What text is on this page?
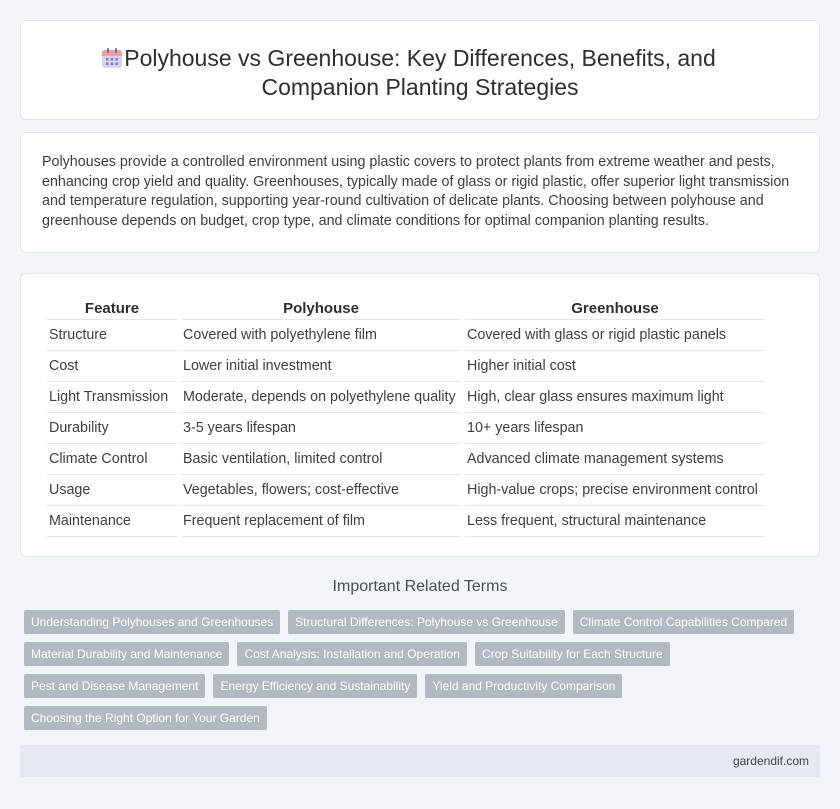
Polyhouse vs Greenhouse: Key Differences, Benefits, and
Companion Planting Strategies

Polyhouses provide a controlled environment using plastic covers to protect plants from extreme weather and pests, enhancing crop yield and quality. Greenhouses, typically made of glass or rigid plastic, offer superior light transmission and temperature regulation, supporting year-round cultivation of delicate plants. Choosing between polyhouse and greenhouse depends on budget, crop type, and climate conditions for optimal companion planting results.

Feature	Polyhouse	Greenhouse
Structure	Covered with polyethylene film	Covered with glass or rigid plastic panels
Cost	Lower initial investment	Higher initial cost
Light Transmission	Moderate, depends on polyethylene quality	High, clear glass ensures maximum light
Durability	3-5 years lifespan	10+ years lifespan
Climate Control	Basic ventilation, limited control	Advanced climate management systems
Usage	Vegetables, flowers; cost-effective	High-value crops; precise environment control
Maintenance	Frequent replacement of film	Less frequent, structural maintenance
Important Related Terms
Understanding Polyhouses and Greenhouses	Structural Differences: Polyhouse vs Greenhouse	Climate Control Capabilities Compared
Material Durability and Maintenance	Cost Analysis: Installation and Operation	Crop Suitability for Each Structure
Pest and Disease Management	Energy Efficiency and Sustainability	Yield and Productivity Comparison
Choosing the Right Option for Your Garden
gardendif.com
